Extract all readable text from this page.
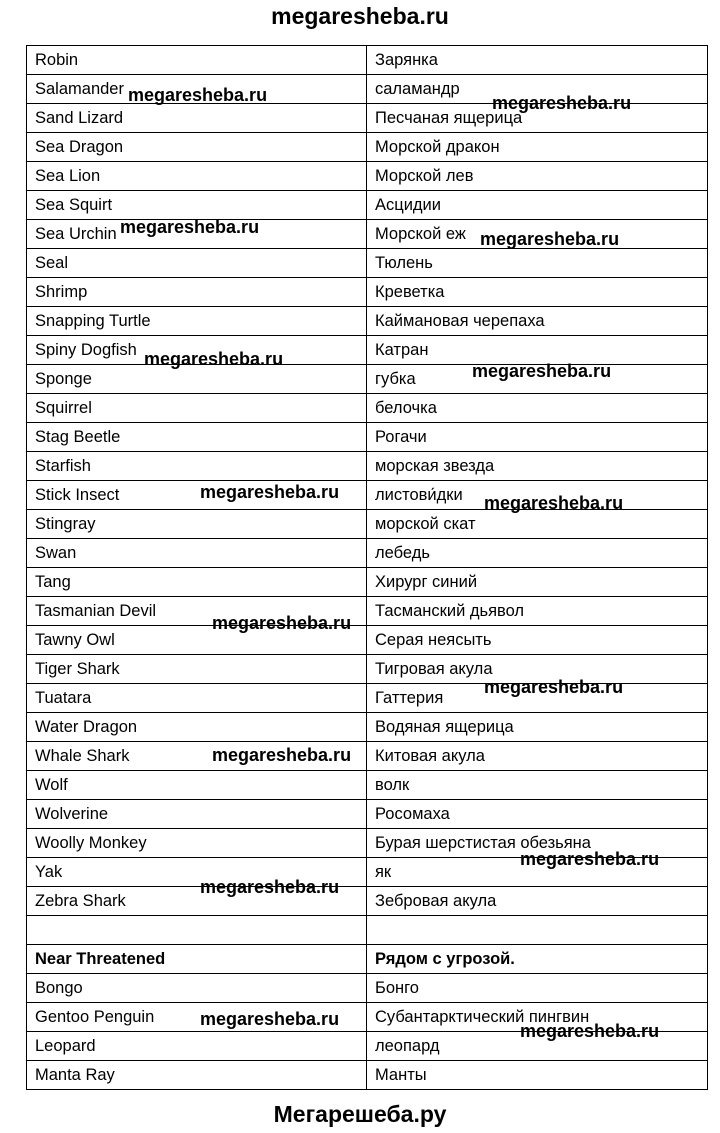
megaresheba.ru
Robin	Зарянка
Salamander	саламандр
Sand Lizard	Песчаная ящерица
Sea Dragon	Морской дракон
Sea Lion	Морской лев
Sea Squirt	Асцидии
Sea Urchin	Морской еж
Seal	Тюлень
Shrimp	Креветка
Snapping Turtle	Каймановая черепаха
Spiny Dogfish	Катран
Sponge	губка
Squirrel	белочка
Stag Beetle	Рогачи
Starfish	морская звезда
Stick Insect	листови́дки
Stingray	морской скат
Swan	лебедь
Tang	Хирург синий
Tasmanian Devil	Тасманский дьявол
Tawny Owl	Серая неясыть
Tiger Shark	Тигровая акула
Tuatara	Гаттерия
Water Dragon	Водяная ящерица
Whale Shark	Китовая акула
Wolf	волк
Wolverine	Росомаха
Woolly Monkey	Бурая шерстистая обезьяна
Yak	як
Zebra Shark	Зебровая акула

Near Threatened	Рядом с угрозой.
Bongo	Бонго
Gentoo Penguin	Субантарктический пингвин
Leopard	леопард
Manta Ray	Манты
megaresheba.ru	megaresheba.ru
megaresheba.ru
megaresheba.ru
megaresheba.ru
megaresheba.ru
megaresheba.ru
megaresheba.ru
megaresheba.ru
megaresheba.ru
megaresheba.ru
megaresheba.ru
megaresheba.ru
megaresheba.ru
megaresheba.ru
Мегарешеба.ру
